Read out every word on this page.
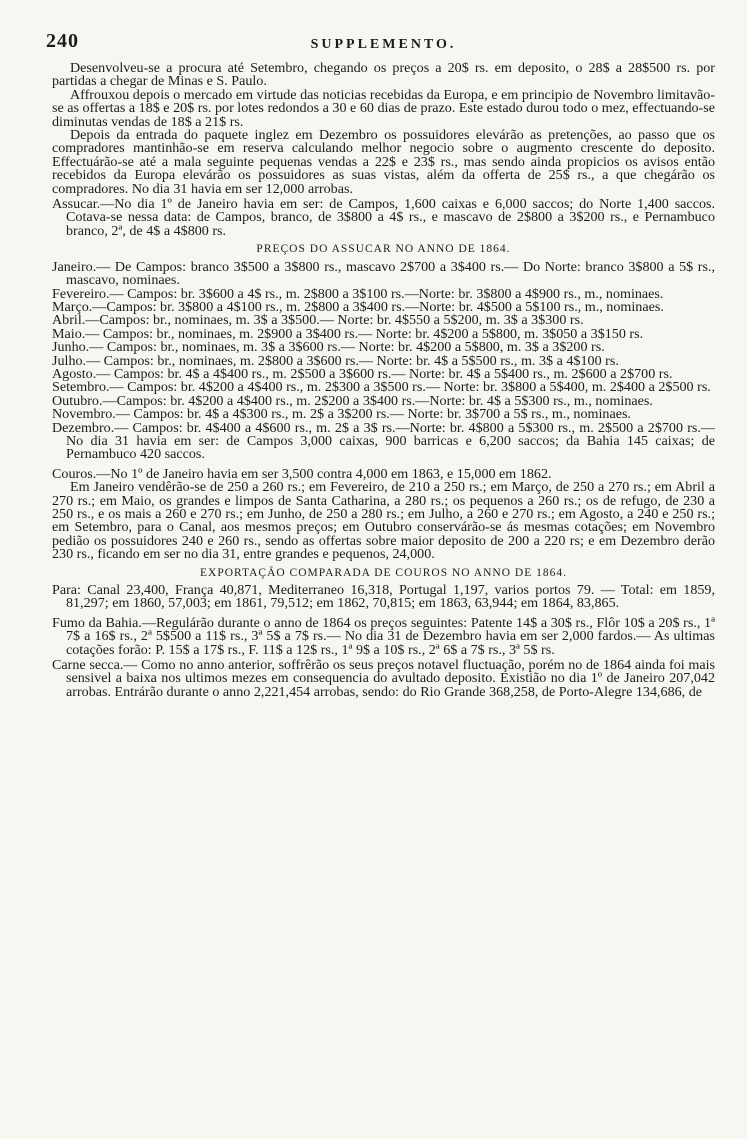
240	SUPPLEMENTO.

Desenvolveu-se a procura até Setembro, chegando os preços a 20$ rs. em deposito, o 28$ a 28$500 rs. por partidas a chegar de Minas e S. Paulo.

Affrouxou depois o mercado em virtude das noticias recebidas da Europa, e em principio de Novembro limitavão-se as offertas a 18$ e 20$ rs. por lotes redondos a 30 e 60 dias de prazo. Este estado durou todo o mez, effectuando-se diminutas vendas de 18$ a 21$ rs.

Depois da entrada do paquete inglez em Dezembro os possuidores elevárão as pretenções, ao passo que os compradores mantinhão-se em reserva calculando melhor negocio sobre o augmento crescente do deposito. Effectuárão-se até a mala seguinte pequenas vendas a 22$ e 23$ rs., mas sendo ainda propicios os avisos então recebidos da Europa elevárão os possuidores as suas vistas, além da offerta de 25$ rs., a que chegárão os compradores. No dia 31 havia em ser 12,000 arrobas.

Assucar.—No dia 1º de Janeiro havia em ser: de Campos, 1,600 caixas e 6,000 saccos; do Norte 1,400 saccos. Cotava-se nessa data: de Campos, branco, de 3$800 a 4$ rs., e mascavo de 2$800 a 3$200 rs., e Pernambuco branco, 2ª, de 4$ a 4$800 rs.

PREÇOS DO ASSUCAR NO ANNO DE 1864.

Janeiro.— De Campos: branco 3$500 a 3$800 rs., mascavo 2$700 a 3$400 rs.— Do Norte: branco 3$800 a 5$ rs., mascavo, nominaes.

Fevereiro.— Campos: br. 3$600 a 4$ rs., m. 2$800 a 3$100 rs.—Norte: br. 3$800 a 4$900 rs., m., nominaes.

Março.—Campos: br. 3$800 a 4$100 rs., m. 2$800 a 3$400 rs.—Norte: br. 4$500 a 5$100 rs., m., nominaes.

Abril.—Campos: br., nominaes, m. 3$ a 3$500.— Norte: br. 4$550 a 5$200, m. 3$ a 3$300 rs.

Maio.— Campos: br., nominaes, m. 2$900 a 3$400 rs.— Norte: br. 4$200 a 5$800, m. 3$050 a 3$150 rs.

Junho.— Campos: br., nominaes, m. 3$ a 3$600 rs.— Norte: br. 4$200 a 5$800, m. 3$ a 3$200 rs.

Julho.— Campos: br., nominaes, m. 2$800 a 3$600 rs.— Norte: br. 4$ a 5$500 rs., m. 3$ a 4$100 rs.

Agosto.— Campos: br. 4$ a 4$400 rs., m. 2$500 a 3$600 rs.— Norte: br. 4$ a 5$400 rs., m. 2$600 a 2$700 rs.

Setembro.— Campos: br. 4$200 a 4$400 rs., m. 2$300 a 3$500 rs.— Norte: br. 3$800 a 5$400, m. 2$400 a 2$500 rs.

Outubro.—Campos: br. 4$200 a 4$400 rs., m. 2$200 a 3$400 rs.—Norte: br. 4$ a 5$300 rs., m., nominaes.

Novembro.— Campos: br. 4$ a 4$300 rs., m. 2$ a 3$200 rs.— Norte: br. 3$700 a 5$ rs., m., nominaes.

Dezembro.— Campos: br. 4$400 a 4$600 rs., m. 2$ a 3$ rs.—Norte: br. 4$800 a 5$300 rs., m. 2$500 a 2$700 rs.— No dia 31 havia em ser: de Campos 3,000 caixas, 900 barricas e 6,200 saccos; da Bahia 145 caixas; de Pernambuco 420 saccos.

Couros.—No 1º de Janeiro havia em ser 3,500 contra 4,000 em 1863, e 15,000 em 1862.

Em Janeiro vendêrão-se de 250 a 260 rs.; em Fevereiro, de 210 a 250 rs.; em Março, de 250 a 270 rs.; em Abril a 270 rs.; em Maio, os grandes e limpos de Santa Catharina, a 280 rs.; os pequenos a 260 rs.; os de refugo, de 230 a 250 rs., e os mais a 260 e 270 rs.; em Junho, de 250 a 280 rs.; em Julho, a 260 e 270 rs.; em Agosto, a 240 e 250 rs.; em Setembro, para o Canal, aos mesmos preços; em Outubro conservárão-se ás mesmas cotações; em Novembro pedião os possuidores 240 e 260 rs., sendo as offertas sobre maior deposito de 200 a 220 rs; e em Dezembro derão 230 rs., ficando em ser no dia 31, entre grandes e pequenos, 24,000.

EXPORTAÇÃO COMPARADA DE COUROS NO ANNO DE 1864.

Para: Canal 23,400, França 40,871, Mediterraneo 16,318, Portugal 1,197, varios portos 79. — Total: em 1859, 81,297; em 1860, 57,003; em 1861, 79,512; em 1862, 70,815; em 1863, 63,944; em 1864, 83,865.

Fumo da Bahia.—Regulárão durante o anno de 1864 os preços seguintes: Patente 14$ a 30$ rs., Flôr 10$ a 20$ rs., 1ª 7$ a 16$ rs., 2ª 5$500 a 11$ rs., 3ª 5$ a 7$ rs.— No dia 31 de Dezembro havia em ser 2,000 fardos.— As ultimas cotações forão: P. 15$ a 17$ rs., F. 11$ a 12$ rs., 1ª 9$ a 10$ rs., 2ª 6$ a 7$ rs., 3ª 5$ rs.

Carne secca.— Como no anno anterior, soffrêrão os seus preços notavel fluctuação, porém no de 1864 ainda foi mais sensivel a baixa nos ultimos mezes em consequencia do avultado deposito. Existião no dia 1º de Janeiro 207,042 arrobas. Entrárão durante o anno 2,221,454 arrobas, sendo: do Rio Grande 368,258, de Porto-Alegre 134,686, de
